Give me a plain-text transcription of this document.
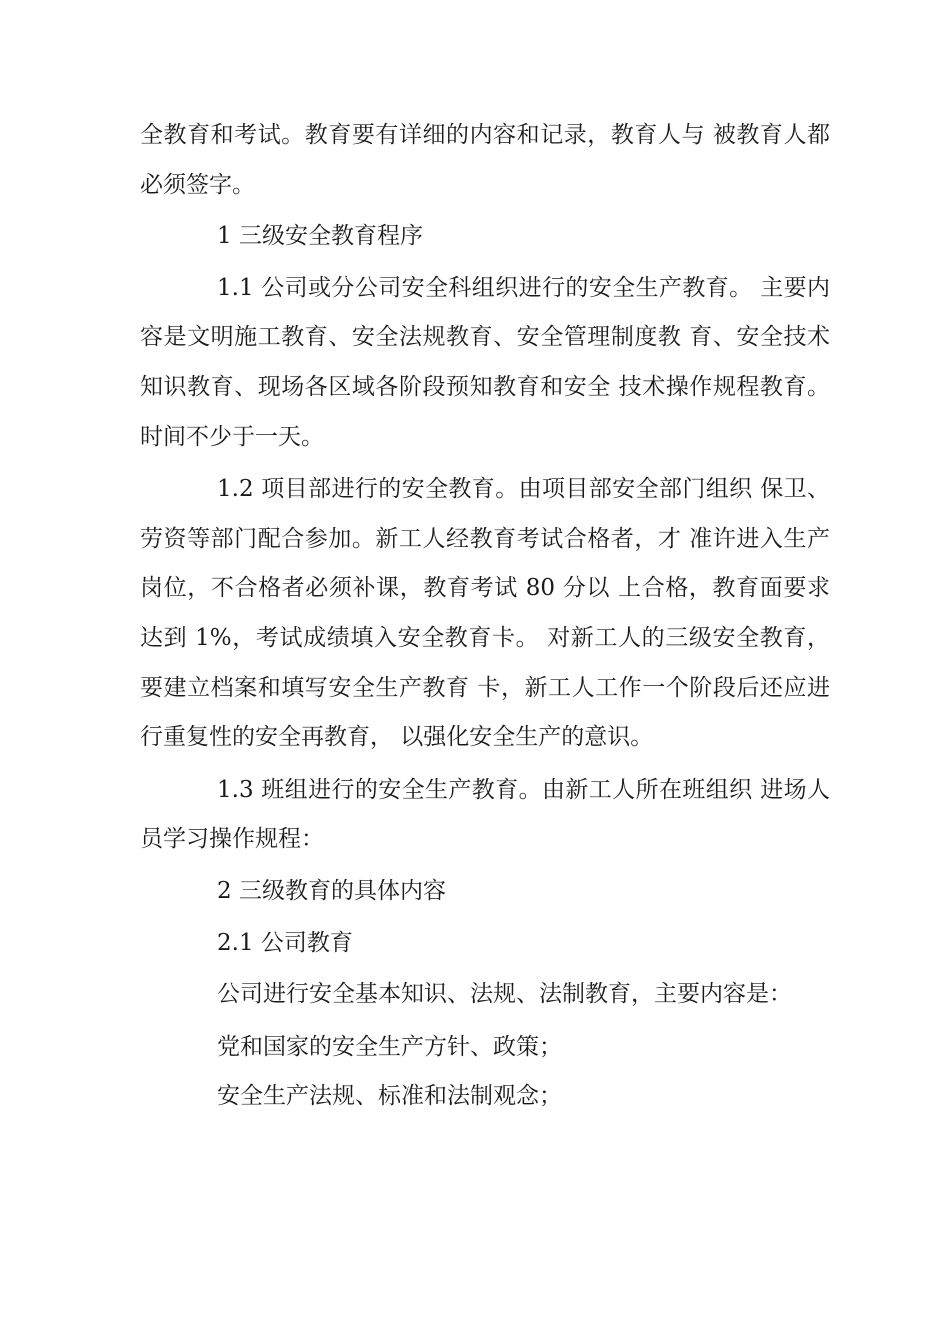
全教育和考试。教育要有详细的内容和记录，教育人与 被教育人都必须签字。

1 三级安全教育程序

1.1 公司或分公司安全科组织进行的安全生产教育。 主要内容是文明施工教育、安全法规教育、安全管理制度教 育、安全技术知识教育、现场各区域各阶段预知教育和安全 技术操作规程教育。时间不少于一天。

1.2 项目部进行的安全教育。由项目部安全部门组织 保卫、劳资等部门配合参加。新工人经教育考试合格者，才 准许进入生产岗位，不合格者必须补课，教育考试 80 分以 上合格，教育面要求达到 1%，考试成绩填入安全教育卡。 对新工人的三级安全教育，要建立档案和填写安全生产教育 卡，新工人工作一个阶段后还应进行重复性的安全再教育， 以强化安全生产的意识。

1.3 班组进行的安全生产教育。由新工人所在班组织 进场人员学习操作规程：

2 三级教育的具体内容

2.1 公司教育

公司进行安全基本知识、法规、法制教育，主要内容是：

党和国家的安全生产方针、政策；

安全生产法规、标准和法制观念；
